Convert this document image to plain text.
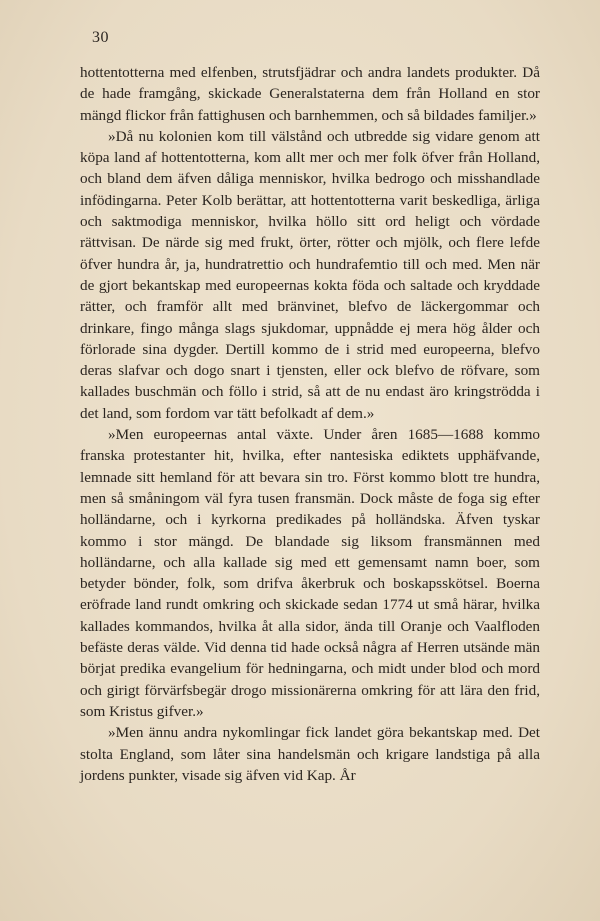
30

hottentotterna med elfenben, strutsfjädrar och andra landets produkter. Då de hade framgång, skickade Generalstaterna dem från Holland en stor mängd flickor från fattighusen och barnhemmen, och så bildades familjer.»

»Då nu kolonien kom till välstånd och utbredde sig vidare genom att köpa land af hottentotterna, kom allt mer och mer folk öfver från Holland, och bland dem äfven dåliga menniskor, hvilka bedrogo och misshandlade infödingarna. Peter Kolb berättar, att hottentotterna varit beskedliga, ärliga och saktmodiga menniskor, hvilka höllo sitt ord heligt och vördade rättvisan. De närde sig med frukt, örter, rötter och mjölk, och flere lefde öfver hundra år, ja, hundratrettio och hundrafemtio till och med. Men när de gjort bekantskap med europeernas kokta föda och saltade och kryddade rätter, och framför allt med bränvinet, blefvo de läckergommar och drinkare, fingo många slags sjukdomar, uppnådde ej mera hög ålder och förlorade sina dygder. Dertill kommo de i strid med europeerna, blefvo deras slafvar och dogo snart i tjensten, eller ock blefvo de röfvare, som kallades buschmän och föllo i strid, så att de nu endast äro kringströdda i det land, som fordom var tätt befolkadt af dem.»

»Men europeernas antal växte. Under åren 1685—1688 kommo franska protestanter hit, hvilka, efter nantesiska ediktets upphäfvande, lemnade sitt hemland för att bevara sin tro. Först kommo blott tre hundra, men så småningom väl fyra tusen fransmän. Dock måste de foga sig efter holländarne, och i kyrkorna predikades på holländska. Äfven tyskar kommo i stor mängd. De blandade sig liksom fransmännen med holländarne, och alla kallade sig med ett gemensamt namn boer, som betyder bönder, folk, som drifva åkerbruk och boskapsskötsel. Boerna eröfrade land rundt omkring och skickade sedan 1774 ut små härar, hvilka kallades kommandos, hvilka åt alla sidor, ända till Oranje och Vaalfloden befäste deras välde. Vid denna tid hade också några af Herren utsände män börjat predika evangelium för hedningarna, och midt under blod och mord och girigt förvärfsbegär drogo missionärerna omkring för att lära den frid, som Kristus gifver.»

»Men ännu andra nykomlingar fick landet göra bekantskap med. Det stolta England, som låter sina handelsmän och krigare landstiga på alla jordens punkter, visade sig äfven vid Kap. År
